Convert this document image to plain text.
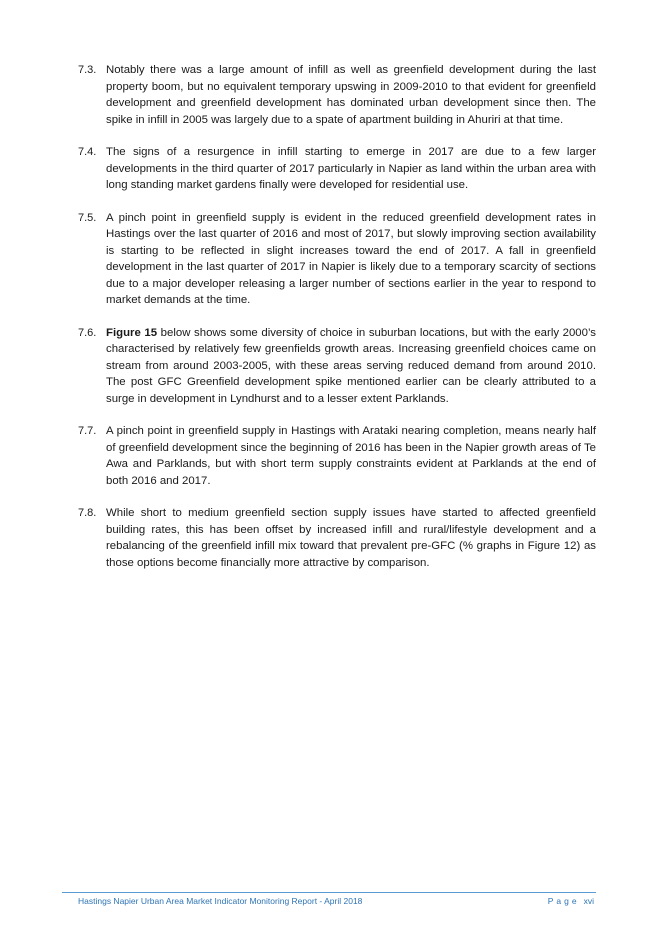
7.3. Notably there was a large amount of infill as well as greenfield development during the last property boom, but no equivalent temporary upswing in 2009-2010 to that evident for greenfield development and greenfield development has dominated urban development since then. The spike in infill in 2005 was largely due to a spate of apartment building in Ahuriri at that time.
7.4. The signs of a resurgence in infill starting to emerge in 2017 are due to a few larger developments in the third quarter of 2017 particularly in Napier as land within the urban area with long standing market gardens finally were developed for residential use.
7.5. A pinch point in greenfield supply is evident in the reduced greenfield development rates in Hastings over the last quarter of 2016 and most of 2017, but slowly improving section availability is starting to be reflected in slight increases toward the end of 2017. A fall in greenfield development in the last quarter of 2017 in Napier is likely due to a temporary scarcity of sections due to a major developer releasing a larger number of sections earlier in the year to respond to market demands at the time.
7.6. Figure 15 below shows some diversity of choice in suburban locations, but with the early 2000’s characterised by relatively few greenfields growth areas. Increasing greenfield choices came on stream from around 2003-2005, with these areas serving reduced demand from around 2010. The post GFC Greenfield development spike mentioned earlier can be clearly attributed to a surge in development in Lyndhurst and to a lesser extent Parklands.
7.7. A pinch point in greenfield supply in Hastings with Arataki nearing completion, means nearly half of greenfield development since the beginning of 2016 has been in the Napier growth areas of Te Awa and Parklands, but with short term supply constraints evident at Parklands at the end of both 2016 and 2017.
7.8. While short to medium greenfield section supply issues have started to affected greenfield building rates, this has been offset by increased infill and rural/lifestyle development and a rebalancing of the greenfield infill mix toward that prevalent pre-GFC (% graphs in Figure 12) as those options become financially more attractive by comparison.
Hastings Napier Urban Area Market Indicator Monitoring Report - April 2018	Page xvi
